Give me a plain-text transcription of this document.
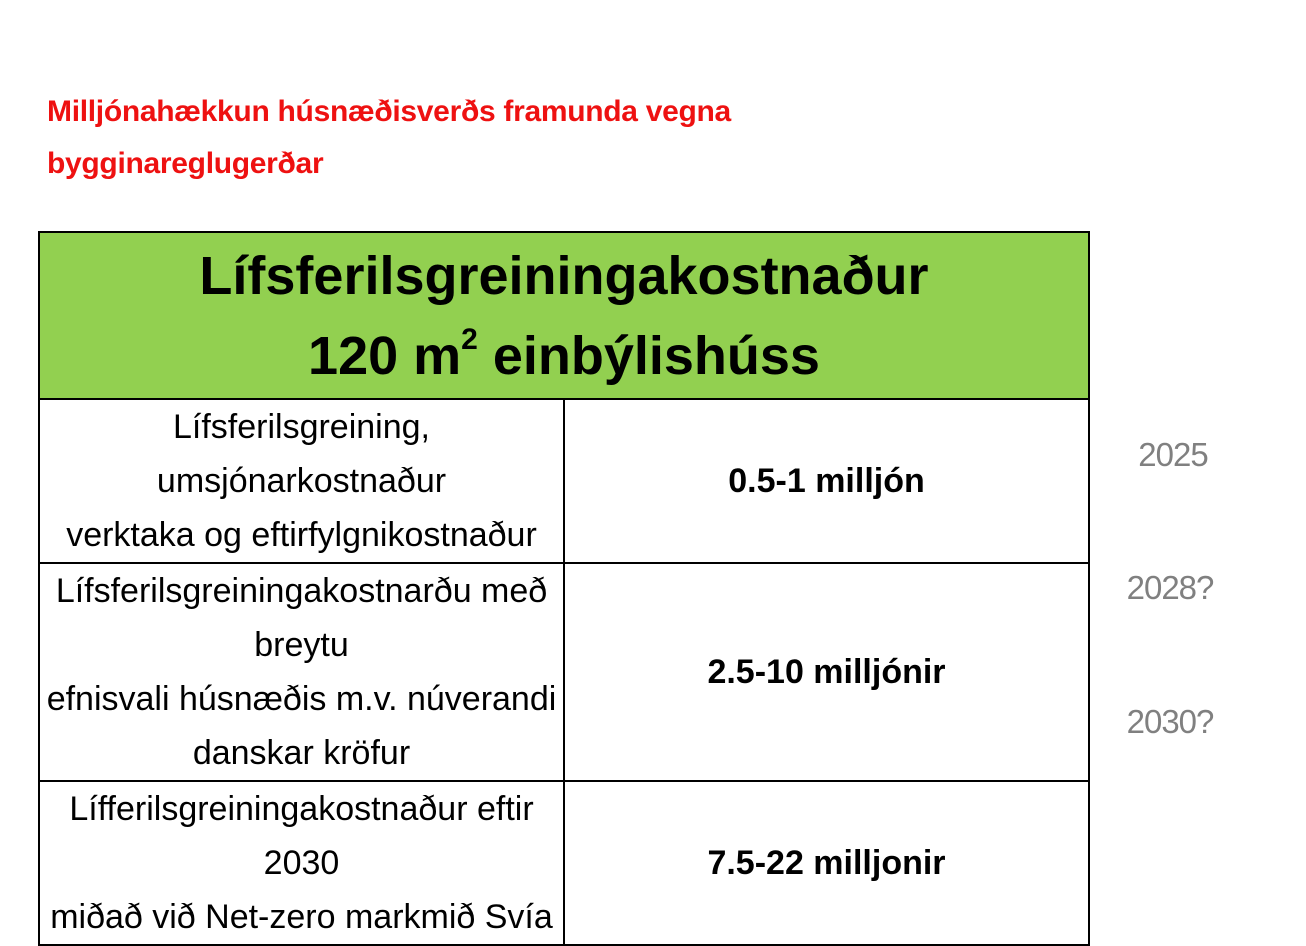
Milljónahækkun húsnæðisverðs framunda vegna
bygginareglugerðar
Lífsferilsgreiningakostnaður
120 $m^2$ einbýlishúss	

Lífsferilsgreining, umsjónarkostnaður
verktaka og eftirfylgnikostnaður	0.5-1 milljón

Lífsferilsgreiningakostnarðu með breytu
efnisvali húsnæðis m.v. núverandi
danskar kröfur	2.5-10 milljónir

Lífferilsgreiningakostnaður eftir 2030
miðað við Net-zero markmið Svía	7.5-22 milljonir
2025
2028?
2030?
